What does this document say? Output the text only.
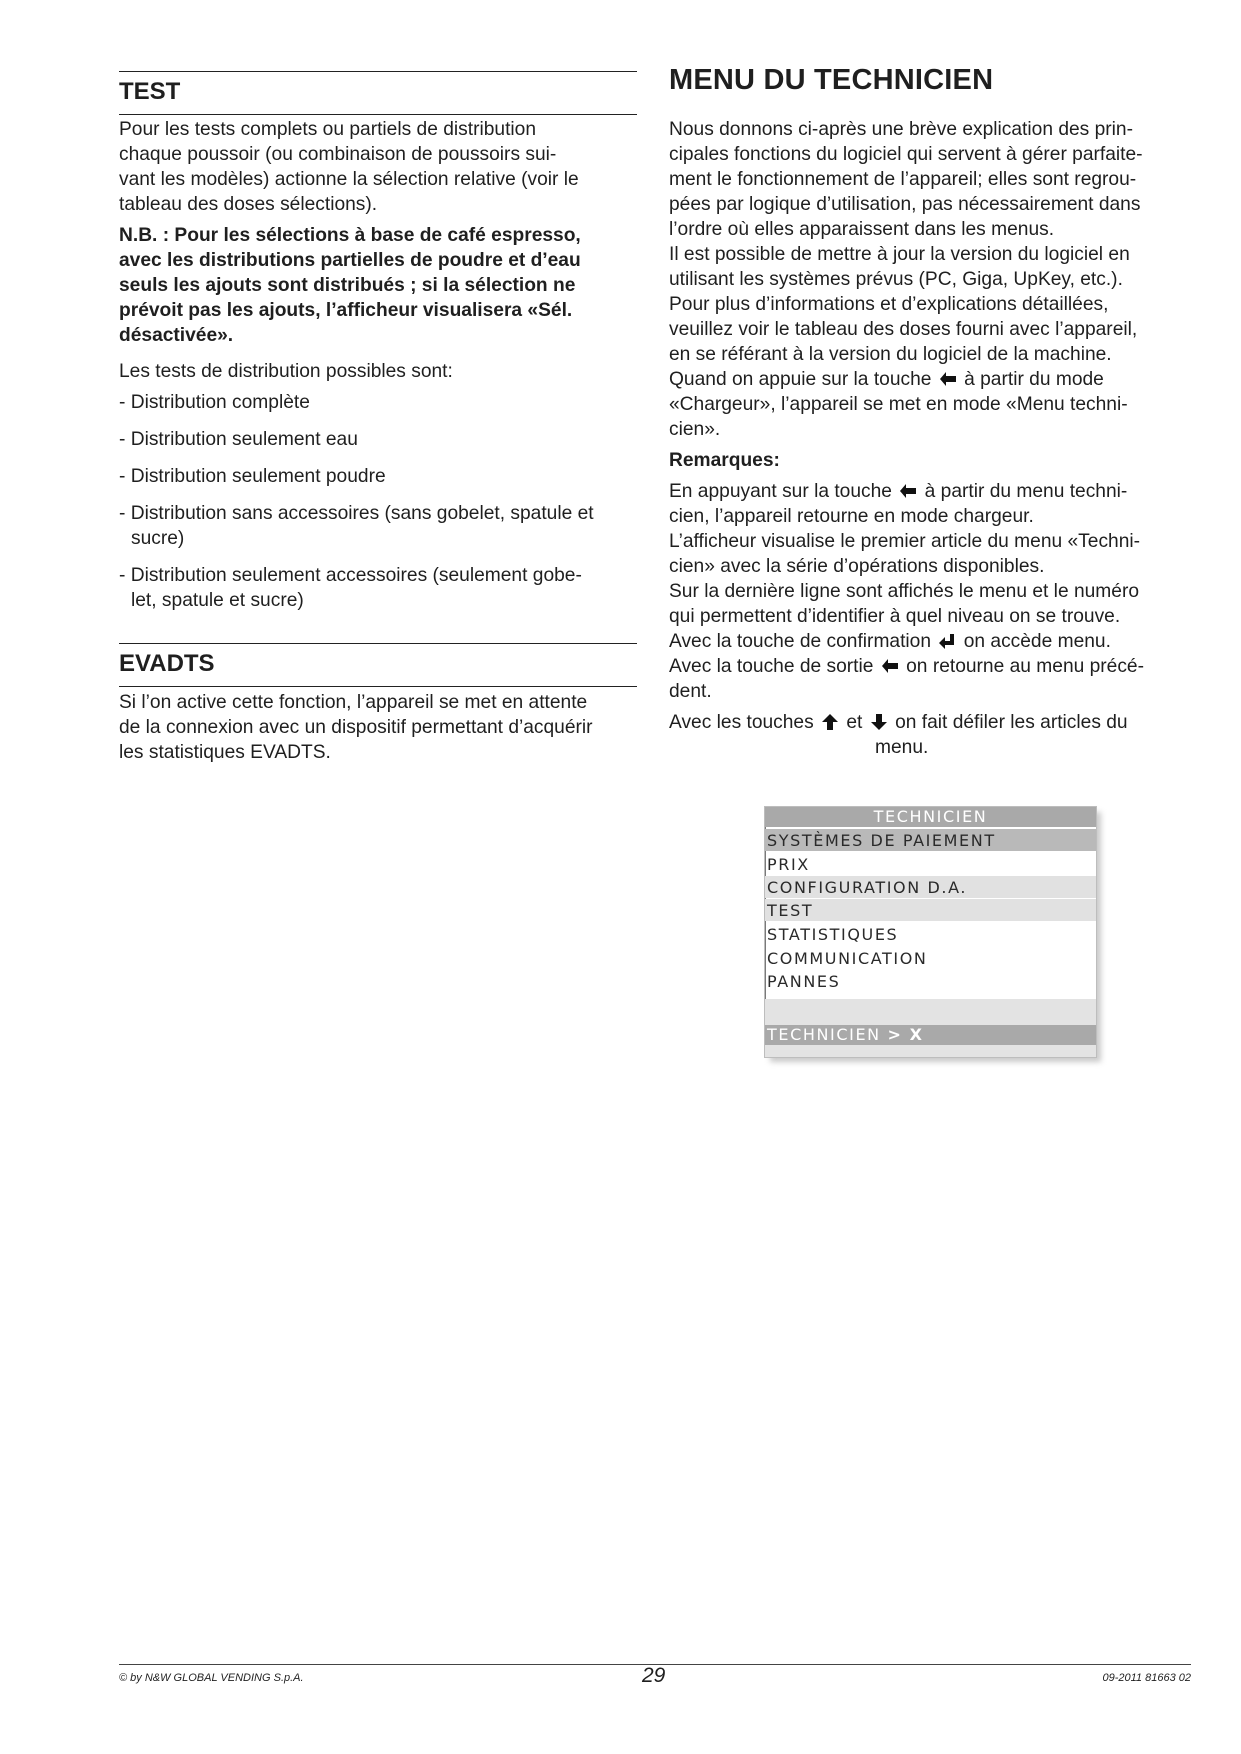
TEST

Pour les tests complets ou partiels de distribution

chaque poussoir (ou combinaison de poussoirs sui-

vant les modèles) actionne la sélection relative (voir le

tableau des doses sélections).

N.B. : Pour les sélections à base de café espresso,

avec les distributions partielles de poudre et d’eau

seuls les ajouts sont distribués ; si la sélection ne

prévoit pas les ajouts, l’afficheur visualisera «Sél.

désactivée».

Les tests de distribution possibles sont:

- Distribution complète
- Distribution seulement eau
- Distribution seulement poudre
- Distribution sans accessoires (sans gobelet, spatule et
sucre)
- Distribution seulement accessoires (seulement gobe-
let, spatule et sucre)
EVADTS

Si l’on active cette fonction, l’appareil se met en attente

de la connexion avec un dispositif permettant d’acquérir

les statistiques EVADTS.

MENU DU TECHNICIEN

Nous donnons ci-après une brève explication des prin-

cipales fonctions du logiciel qui servent à gérer parfaite-

ment le fonctionnement de l’appareil; elles sont regrou-

pées par logique d’utilisation, pas nécessairement dans

l’ordre où elles apparaissent dans les menus.

Il est possible de mettre à jour la version du logiciel en

utilisant les systèmes prévus (PC, Giga, UpKey, etc.).

Pour plus d’informations et d’explications détaillées,

veuillez voir le tableau des doses fourni avec l’appareil,

en se référant à la version du logiciel de la machine.

Quand on appuie sur la touche à partir du mode

«Chargeur», l’appareil se met en mode «Menu techni-

cien».

Remarques:

En appuyant sur la touche à partir du menu techni-

cien, l’appareil retourne en mode chargeur.

L’afficheur visualise le premier article du menu «Techni-

cien» avec la série d’opérations disponibles.

Sur la dernière ligne sont affichés le menu et le numéro

qui permettent d’identifier à quel niveau on se trouve.

Avec la touche de confirmation on accède menu.

Avec la touche de sortie on retourne au menu précé-

dent.

Avec les touches et on fait défiler les articles du

menu.

TECHNICIEN
SYSTÈMES DE PAIEMENT
PRIX
CONFIGURATION D.A.
TEST
STATISTIQUES
COMMUNICATION
PANNES
TECHNICIEN > X
© by N&W GLOBAL VENDING S.p.A.	29	09-2011 81663 02
